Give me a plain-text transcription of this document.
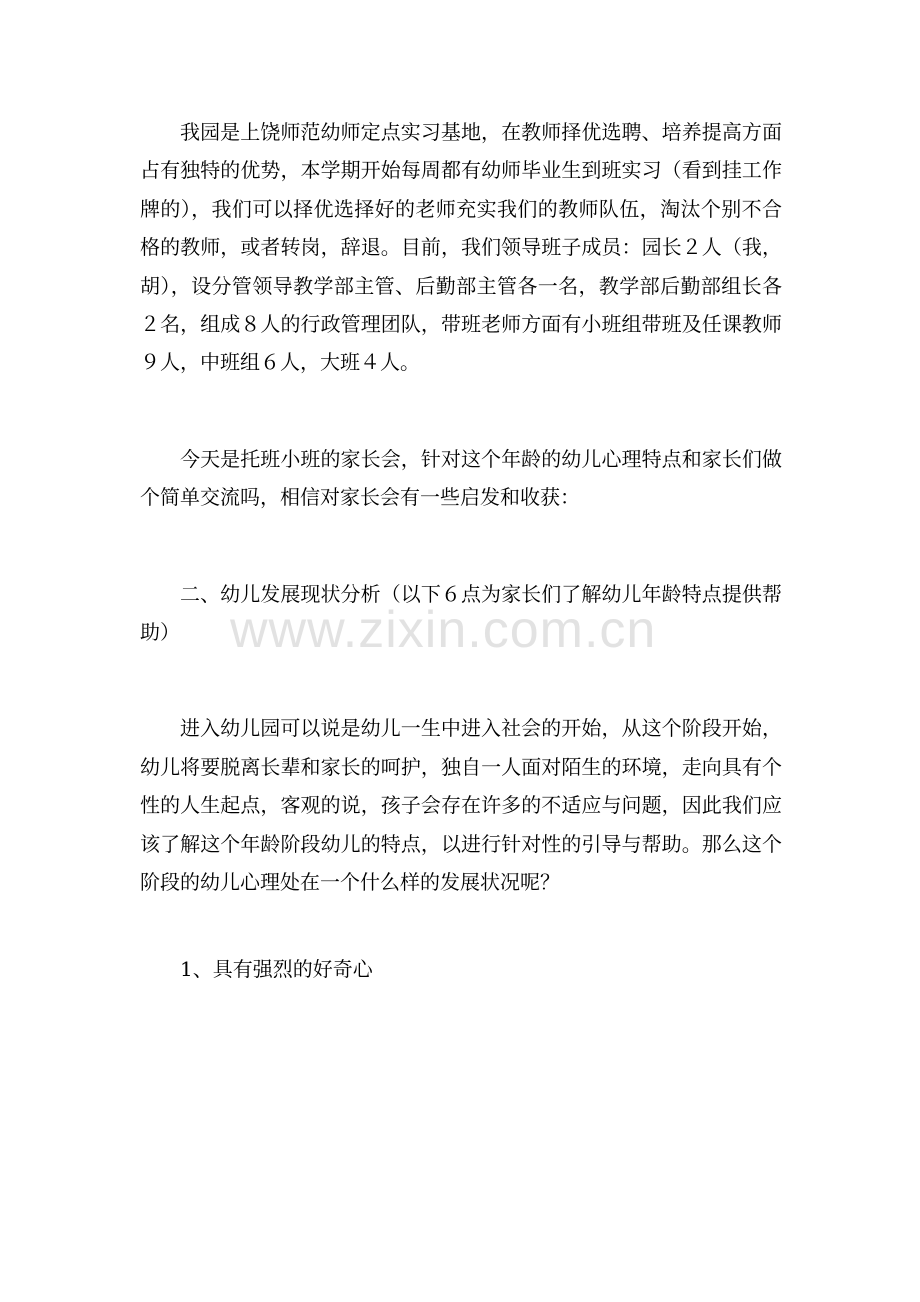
我园是上饶师范幼师定点实习基地，在教师择优选聘、培养提高方面占有独特的优势，本学期开始每周都有幼师毕业生到班实习（看到挂工作牌的），我们可以择优选择好的老师充实我们的教师队伍，淘汰个别不合格的教师，或者转岗，辞退。目前，我们领导班子成员：园长２人（我，胡），设分管领导教学部主管、后勤部主管各一名，教学部后勤部组长各２名，组成８人的行政管理团队，带班老师方面有小班组带班及任课教师９人，中班组６人，大班４人。

今天是托班小班的家长会，针对这个年龄的幼儿心理特点和家长们做个简单交流吗，相信对家长会有一些启发和收获：

二、幼儿发展现状分析（以下６点为家长们了解幼儿年龄特点提供帮助）

进入幼儿园可以说是幼儿一生中进入社会的开始，从这个阶段开始，幼儿将要脱离长辈和家长的呵护，独自一人面对陌生的环境，走向具有个性的人生起点，客观的说，孩子会存在许多的不适应与问题，因此我们应该了解这个年龄阶段幼儿的特点，以进行针对性的引导与帮助。那么这个阶段的幼儿心理处在一个什么样的发展状况呢？

1、具有强烈的好奇心

www.zixin.com.cn
